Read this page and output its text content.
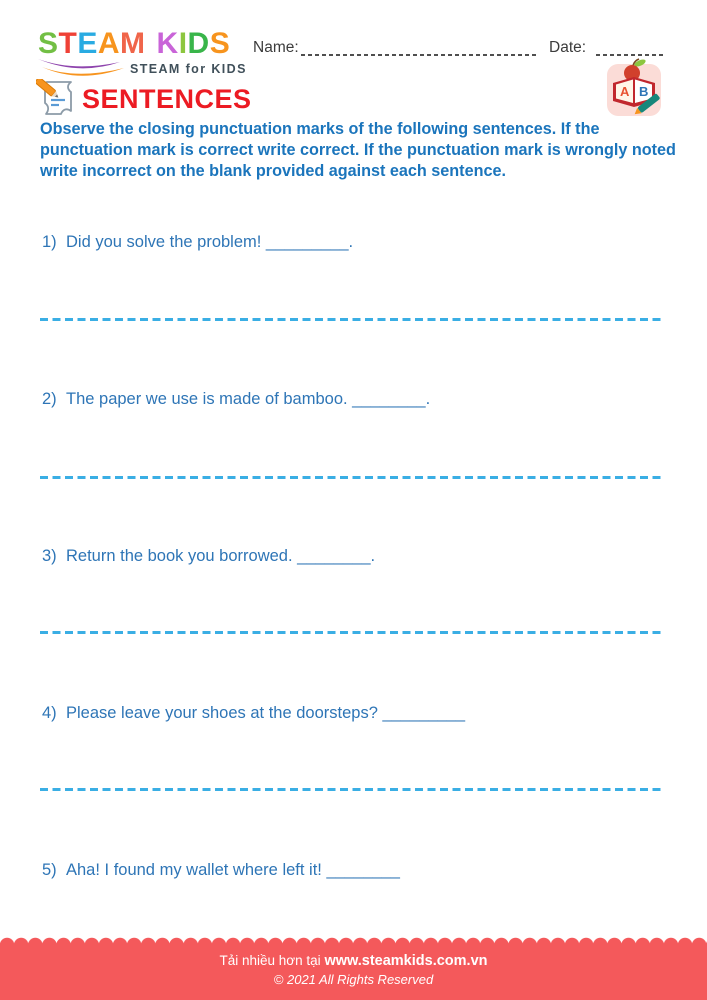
STEAM KIDS
STEAM for KIDS
Name:	Date:
A B
SENTENCES
Observe the closing punctuation marks of the following sentences. If the punctuation mark is correct write correct. If the punctuation mark is wrongly noted write incorrect on the blank provided against each sentence.
1) Did you solve the problem! _________.
2) The paper we use is made of bamboo. ________.
3) Return the book you borrowed. ________.
4) Please leave your shoes at the doorsteps? _________
5) Aha! I found my wallet where left it! ________
Tải nhiều hơn tại www.steamkids.com.vn
© 2021 All Rights Reserved
